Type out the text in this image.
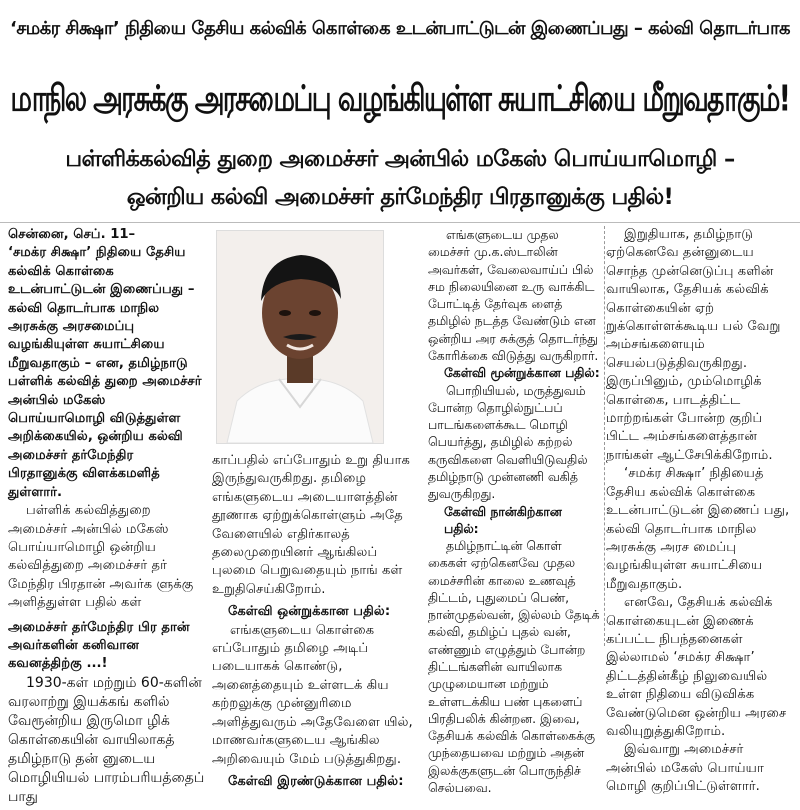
‘சமக்ர சிக்ஷா’ நிதியை தேசிய கல்விக் கொள்கை உடன்பாட்டுடன் இணைப்பது – கல்வி தொடர்பாக
மாநில அரசுக்கு அரசமைப்பு வழங்கியுள்ள சுயாட்சியை மீறுவதாகும்!
பள்ளிக்கல்வித் துறை அமைச்சர் அன்பில் மகேஸ் பொய்யாமொழி –
ஒன்றிய கல்வி அமைச்சர் தர்மேந்திர பிரதானுக்கு பதில்!

சென்னை, செப். 11–

‘சமக்ர சிக்ஷா’ நிதியை தேசிய கல்விக் கொள்கை உடன்பாட்டுடன் இணைப்பது – கல்வி தொடர்பாக மாநில அரசுக்கு அரசமைப்பு வழங்கியுள்ள சுயாட்சியை மீறுவதாகும் – என, தமிழ்நாடு பள்ளிக் கல்வித் துறை அமைச்சர் அன்பில் மகேஸ் பொய்யாமொழி விடுத்துள்ள அறிக்கையில், ஒன்றிய கல்வி அமைச்சர் தர்மேந்திர பிரதானுக்கு விளக்கமளித் துள்ளார்.

பள்ளிக் கல்வித்துறை அமைச்சர் அன்பில் மகேஸ் பொய்யாமொழி ஒன்றிய கல்வித்துறை அமைச்சர் தர் மேந்திர பிரதான் அவர்க ளுக்கு அளித்துள்ள பதில் கள்

அமைச்சர் தர்மேந்திர பிர தான் அவர்களின் கனிவான கவனத்திற்கு ...!

1930-கள் மற்றும் 60-களின் வரலாற்று இயக்கங் களில் வேரூன்றிய இருமொ ழிக் கொள்கையின் வாயிலாகத் தமிழ்நாடு தன் னுடைய மொழியியல் பாரம்பரியத்தைப் பாது

காப்பதில் எப்போதும் உறு தியாக இருந்துவருகிறது. தமிழை எங்களுடைய அடையாளத்தின் தூணாக ஏற்றுக்கொள்ளும் அதே வேளையில் எதிர்காலத் தலைமுறையினர் ஆங்கிலப் புலமை பெறுவதையும் நாங் கள் உறுதிசெய்கிறோம்.

கேள்வி ஒன்றுக்கான பதில்:

எங்களுடைய கொள்கை எப்போதும் தமிழை அடிப் படையாகக் கொண்டு, அனைத்தையும் உள்ளடக் கிய கற்றலுக்கு முன்னுரிமை அளித்துவரும் அதேவேளை யில், மாணவர்களுடைய ஆங்கில அறிவையும் மேம் படுத்துகிறது.

கேள்வி இரண்டுக்கான பதில்:

எங்களுடைய முதல மைச்சர் மு.க.ஸ்டாலின் அவர்கள், வேலைவாய்ப் பில் சம நிலையினை உரு வாக்கிட போட்டித் தேர்வுக ளைத் தமிழில் நடத்த வேண்டும் என ஒன்றிய அர சுக்குத் தொடர்ந்து கோரிக்கை விடுத்து வருகிறார்.

கேள்வி மூன்றுக்கான பதில்:

பொறியியல், மருத்துவம் போன்ற தொழில்நுட்பப் பாடங்களைக்கூட மொழி பெயர்த்து, தமிழில் கற்றல் கருவிகளை வெளியிடுவதில் தமிழ்நாடு முன்னணி வகித் துவருகிறது.

கேள்வி நான்கிற்கான பதில்:

தமிழ்நாட்டின் கொள் கைகள் ஏற்கெனவே முதல மைச்சரின் காலை உணவுத் திட்டம், புதுமைப் பெண், நான்முதல்வன், இல்லம் தேடிக் கல்வி, தமிழ்ப் புதல் வன், எண்ணும் எழுத்தும் போன்ற திட்டங்களின் வாயிலாக முழுமையான மற்றும் உள்ளடக்கிய பண் புகளைப் பிரதிபலிக் கின்றன. இவை, தேசியக் கல்விக் கொள்கைக்கு முந்தையவை மற்றும் அதன் இலக்குகளுடன் பொருந்திச் செல்பவை.

இறுதியாக, தமிழ்நாடு ஏற்கெனவே தன்னுடைய சொந்த முன்னெடுப்பு களின் வாயிலாக, தேசியக் கல்விக் கொள்கையின் ஏற் றுக்கொள்ளக்கூடிய பல் வேறு அம்சங்களையும் செயல்படுத்திவருகிறது. இருப்பினும், மும்மொழிக் கொள்கை, பாடத்திட்ட மாற்றங்கள் போன்ற குறிப் பிட்ட அம்சங்களைத்தான் நாங்கள் ஆட்சேபிக்கிறோம்.

‘சமக்ர சிக்ஷா’ நிதியைத் தேசிய கல்விக் கொள்கை உடன்பாட்டுடன் இணைப் பது, கல்வி தொடர்பாக மாநில அரசுக்கு அரச மைப்பு வழங்கியுள்ள சுயாட்சியை மீறுவதாகும்.

எனவே, தேசியக் கல்விக் கொள்கையுடன் இணைக் கப்பட்ட நிபந்தனைகள் இல்லாமல் ‘சமக்ர சிக்ஷா’ திட்டத்தின்கீழ் நிலுவையில் உள்ள நிதியை விடுவிக்க வேண்டுமென ஒன்றிய அரசை வலியுறுத்துகிறோம்.

இவ்வாறு அமைச்சர் அன்பில் மகேஸ் பொய்யா மொழி குறிப்பிட்டுள்ளார்.
